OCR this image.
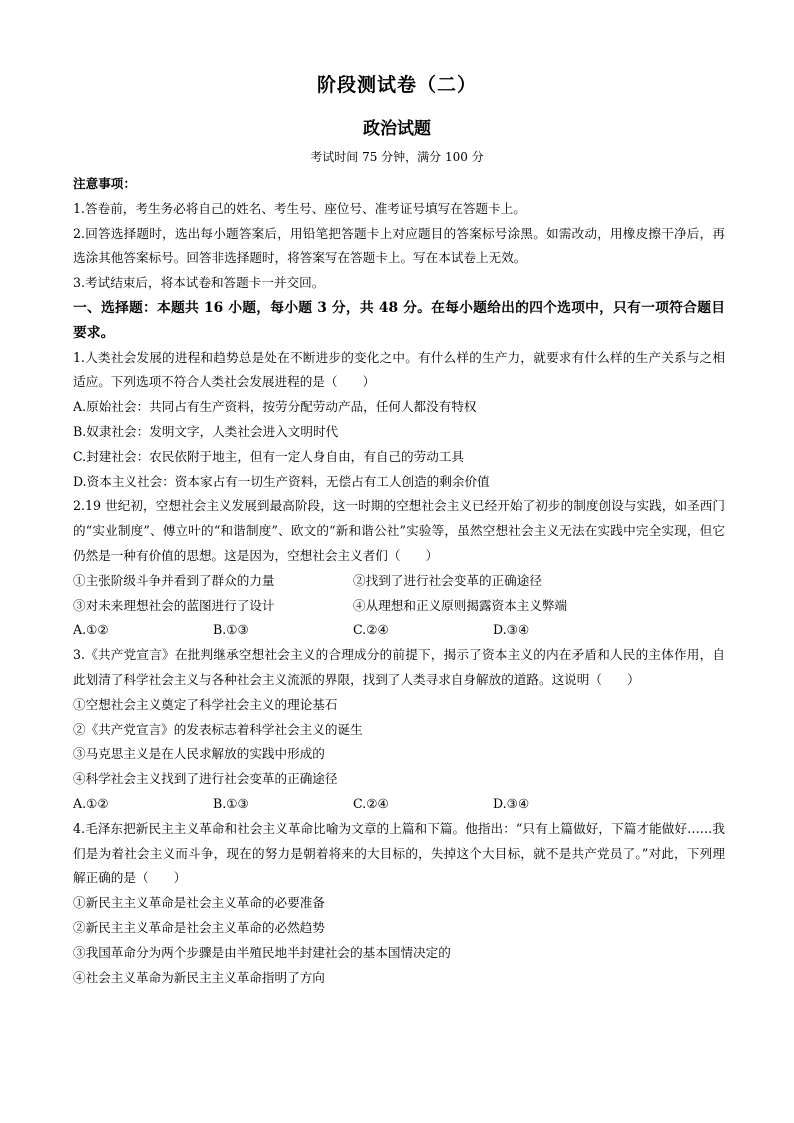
阶段测试卷（二）
政治试题
考试时间 75 分钟，满分 100 分
注意事项：
1.答卷前，考生务必将自己的姓名、考生号、座位号、准考证号填写在答题卡上。
2.回答选择题时，选出每小题答案后，用铅笔把答题卡上对应题目的答案标号涂黑。如需改动，用橡皮擦干净后，再选涂其他答案标号。回答非选择题时，将答案写在答题卡上。写在本试卷上无效。
3.考试结束后，将本试卷和答题卡一并交回。
一、选择题：本题共 16 小题，每小题 3 分，共 48 分。在每小题给出的四个选项中，只有一项符合题目要求。
1.人类社会发展的进程和趋势总是处在不断进步的变化之中。有什么样的生产力，就要求有什么样的生产关系与之相适应。下列选项不符合人类社会发展进程的是（　　）
A.原始社会：共同占有生产资料，按劳分配劳动产品，任何人都没有特权
B.奴隶社会：发明文字，人类社会进入文明时代
C.封建社会：农民依附于地主，但有一定人身自由，有自己的劳动工具
D.资本主义社会：资本家占有一切生产资料，无偿占有工人创造的剩余价值
2.19 世纪初，空想社会主义发展到最高阶段，这一时期的空想社会主义已经开始了初步的制度创设与实践，如圣西门的“实业制度”、傅立叶的“和谐制度”、欧文的“新和谐公社”实验等，虽然空想社会主义无法在实践中完全实现，但它仍然是一种有价值的思想。这是因为，空想社会主义者们（　　）
①主张阶级斗争并看到了群众的力量	②找到了进行社会变革的正确途径
③对未来理想社会的蓝图进行了设计	④从理想和正义原则揭露资本主义弊端
A.①②	B.①③	C.②④	D.③④
3.《共产党宣言》在批判继承空想社会主义的合理成分的前提下，揭示了资本主义的内在矛盾和人民的主体作用，自此划清了科学社会主义与各种社会主义流派的界限，找到了人类寻求自身解放的道路。这说明（　　）
①空想社会主义奠定了科学社会主义的理论基石
②《共产党宣言》的发表标志着科学社会主义的诞生
③马克思主义是在人民求解放的实践中形成的
④科学社会主义找到了进行社会变革的正确途径
A.①②	B.①③	C.②④	D.③④
4.毛泽东把新民主主义革命和社会主义革命比喻为文章的上篇和下篇。他指出：“只有上篇做好，下篇才能做好……我们是为着社会主义而斗争，现在的努力是朝着将来的大目标的，失掉这个大目标，就不是共产党员了。”对此，下列理解正确的是（　　）
①新民主主义革命是社会主义革命的必要准备
②新民主主义革命是社会主义革命的必然趋势
③我国革命分为两个步骤是由半殖民地半封建社会的基本国情决定的
④社会主义革命为新民主主义革命指明了方向
